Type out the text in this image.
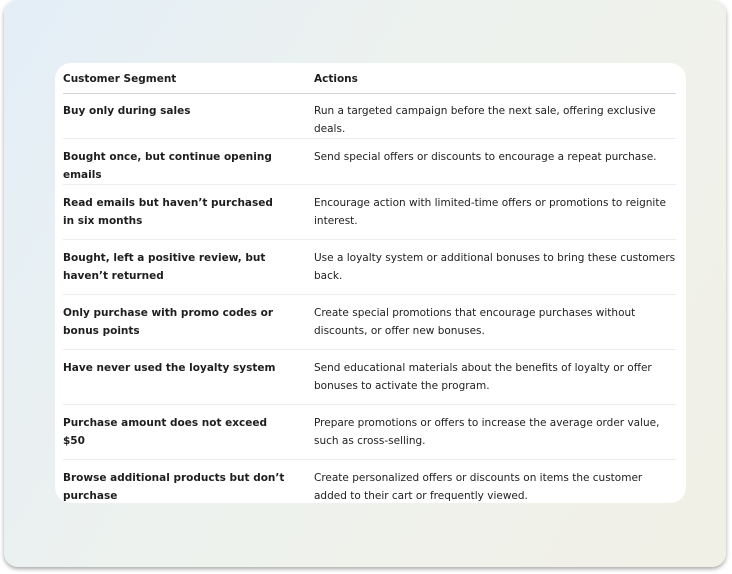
Customer Segment	Actions
Buy only during sales	Run a targeted campaign before the next sale, offering exclusive deals.
Bought once, but continue opening emails	Send special offers or discounts to encourage a repeat purchase.
Read emails but haven’t purchased in six months	Encourage action with limited-time offers or promotions to reignite interest.
Bought, left a positive review, but haven’t returned	Use a loyalty system or additional bonuses to bring these customers back.
Only purchase with promo codes or bonus points	Create special promotions that encourage purchases without discounts, or offer new bonuses.
Have never used the loyalty system	Send educational materials about the benefits of loyalty or offer bonuses to activate the program.
Purchase amount does not exceed $50	Prepare promotions or offers to increase the average order value, such as cross-selling.
Browse additional products but don’t purchase	Create personalized offers or discounts on items the customer added to their cart or frequently viewed.
